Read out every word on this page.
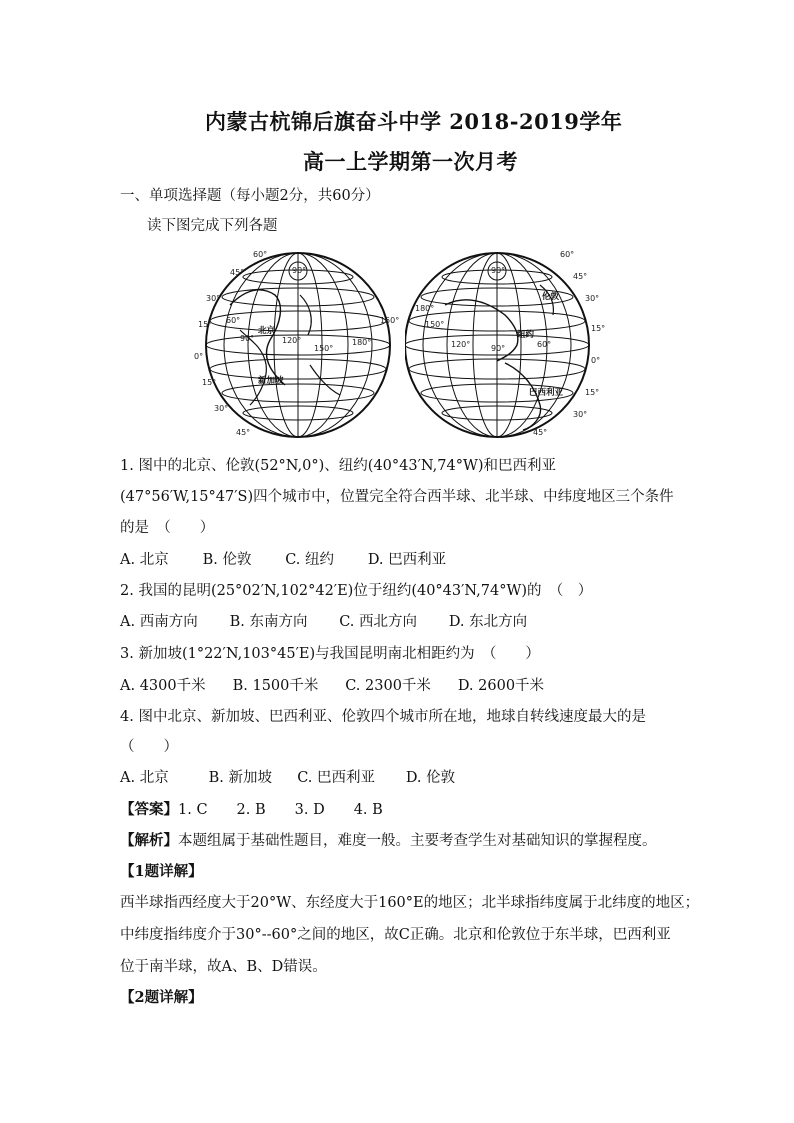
内蒙古杭锦后旗奋斗中学 2018-2019学年
高一上学期第一次月考
一、单项选择题（每小题2分，共60分）
读下图完成下列各题
60°
45°
30°
15°
0°
15°
30°
45°
90°
60°
90°	120°
150°
180°
150°
北京
新加坡
60°
45°
30°
15°
0°
15°
30°
45°
90°
180°
150°
120°	90°	60°
伦敦
纽约
巴西利亚
1. 图中的北京、伦敦(52°N,0°)、纽约(40°43′N,74°W)和巴西利亚
(47°56′W,15°47′S)四个城市中，位置完全符合西半球、北半球、中纬度地区三个条件
的是　（　　）
A. 北京 B. 伦敦 C. 纽约 D. 巴西利亚
2. 我国的昆明(25°02′N,102°42′E)位于纽约(40°43′N,74°W)的　（　）
A. 西南方向 B. 东南方向 C. 西北方向 D. 东北方向
3. 新加坡(1°22′N,103°45′E)与我国昆明南北相距约为　（　　）
A. 4300千米 B. 1500千米 C. 2300千米 D. 2600千米
4. 图中北京、新加坡、巴西利亚、伦敦四个城市所在地，地球自转线速度最大的是
（　　）
A. 北京	B. 新加坡 C. 巴西利亚 D. 伦敦
【答案】1. C　　2. B　　3. D　　4. B
【解析】本题组属于基础性题目，难度一般。主要考查学生对基础知识的掌握程度。
【1题详解】
西半球指西经度大于20°W、东经度大于160°E的地区；北半球指纬度属于北纬度的地区；
中纬度指纬度介于30°--60°之间的地区，故C正确。北京和伦敦位于东半球，巴西利亚
位于南半球，故A、B、D错误。
【2题详解】
